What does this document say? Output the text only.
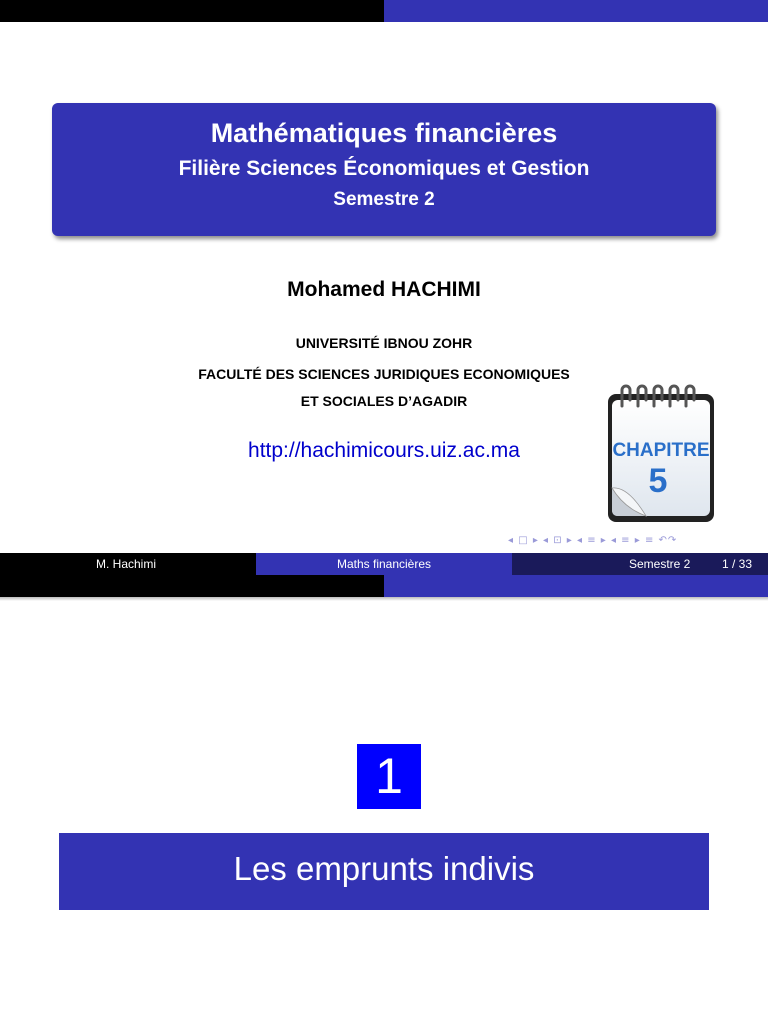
Mathématiques financières
Filière Sciences Économiques et Gestion
Semestre 2
Mohamed HACHIMI
UNIVERSITÉ IBNOU ZOHR
FACULTÉ DES SCIENCES JURIDIQUES ECONOMIQUES
ET SOCIALES D’AGADIR
http://hachimicours.uiz.ac.ma	CHAPITRE
5
◂ □ ▸ ◂ ⊡ ▸ ◂ ≡ ▸ ◂ ≡ ▸ ≡ ↶↷
M. Hachimi	Maths financières	Semestre 2	1 / 33
1
Les emprunts indivis
